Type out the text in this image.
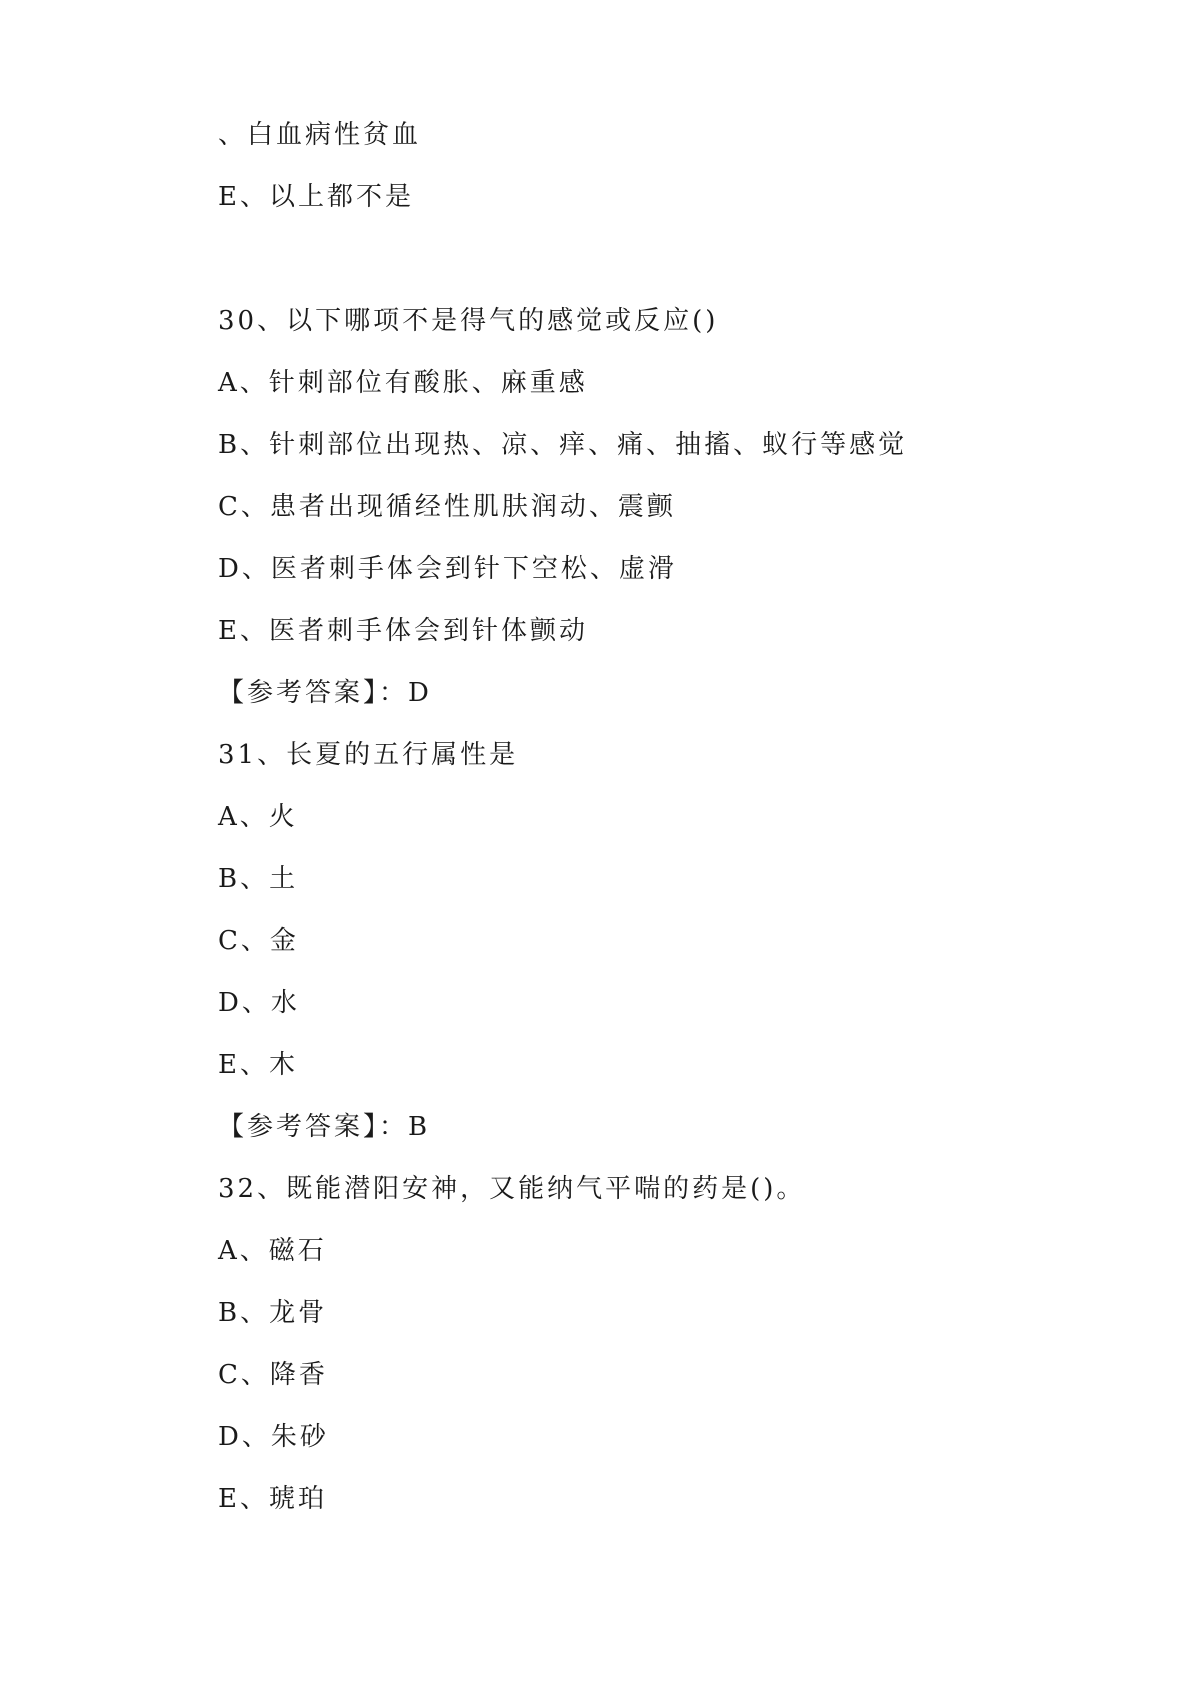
、白血病性贫血
E、以上都不是
30、以下哪项不是得气的感觉或反应()
A、针刺部位有酸胀、麻重感
B、针刺部位出现热、凉、痒、痛、抽搐、蚁行等感觉
C、患者出现循经性肌肤润动、震颤
D、医者刺手体会到针下空松、虚滑
E、医者刺手体会到针体颤动
【参考答案】：D
31、长夏的五行属性是
A、火
B、土
C、金
D、水
E、木
【参考答案】：B
32、既能潜阳安神，又能纳气平喘的药是()。
A、磁石
B、龙骨
C、降香
D、朱砂
E、琥珀
